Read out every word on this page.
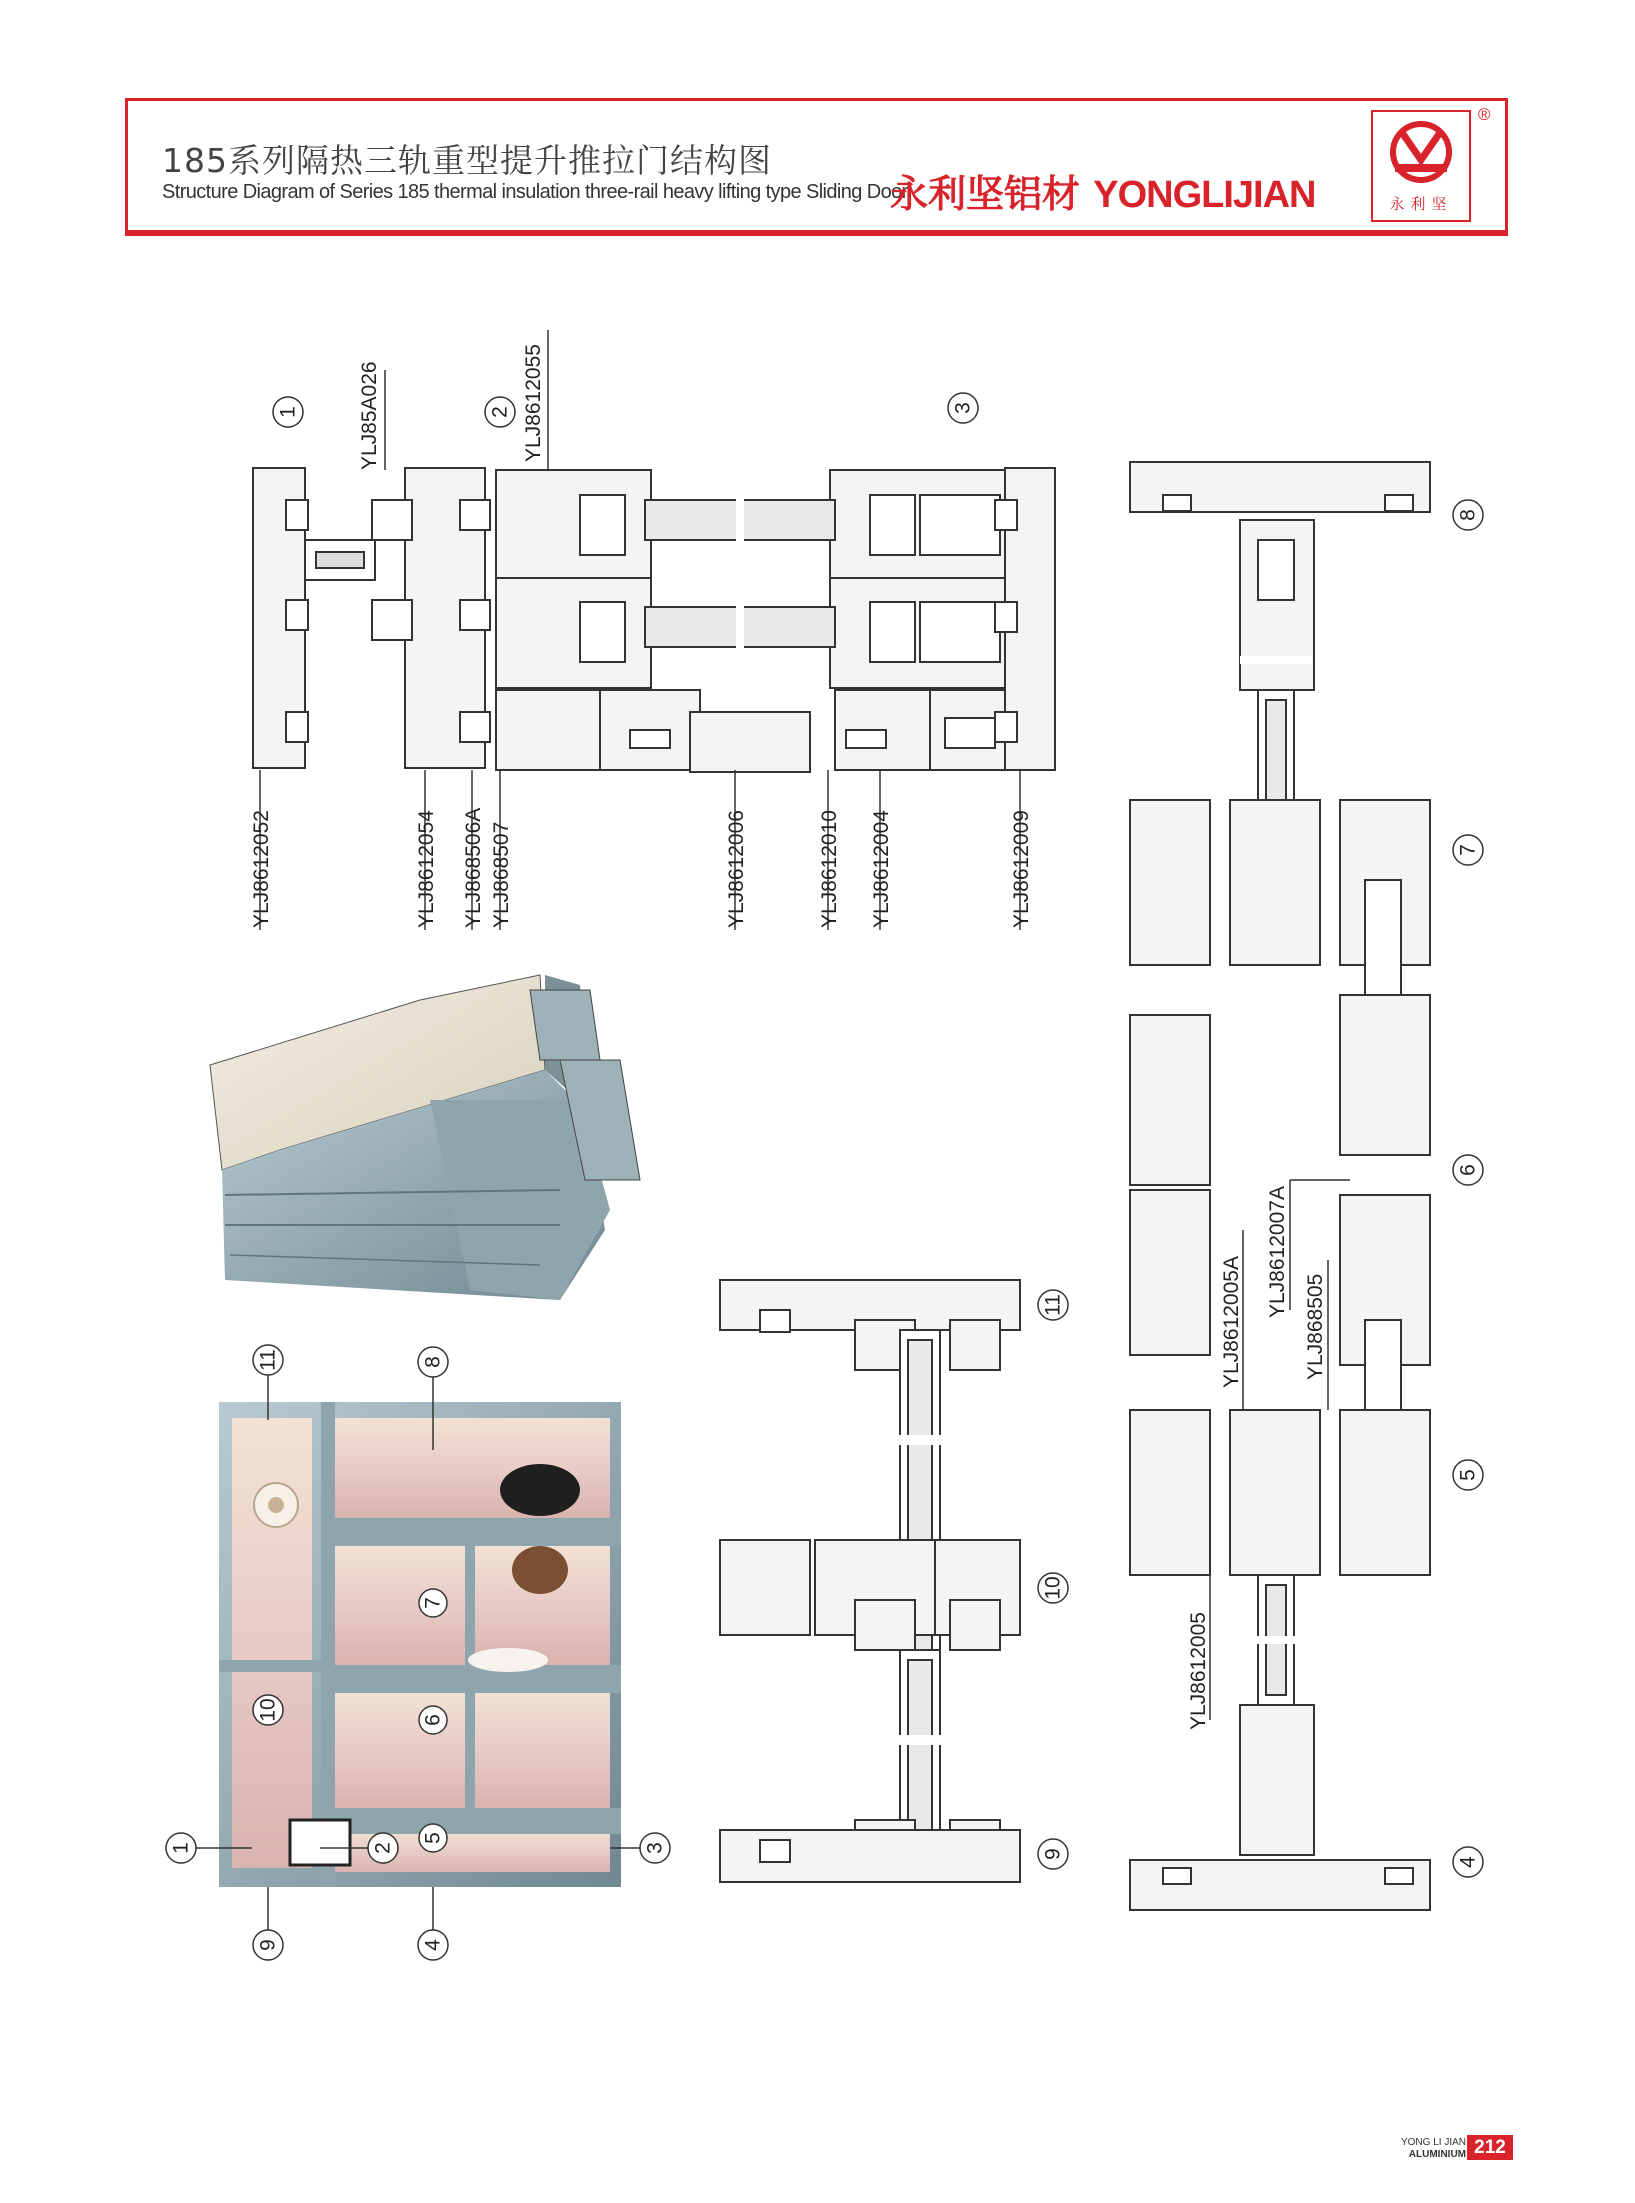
185系列隔热三轨重型提升推拉门结构图
Structure Diagram of Series 185 thermal insulation three-rail heavy lifting type Sliding Door
永利坚铝材 YONGLIJIAN	永利坚
®
YLJ85A026	YLJ8612055
1	2	3
YLJ8612052	YLJ8612054 YLJ868506A YLJ868507	YLJ8612006	YLJ8612010 YLJ8612004	YLJ8612009
11	8
7
10	6
5
1	2	3
9	4
11
10
9
8
7
6
5
4
YLJ8612005
YLJ8612005A
YLJ8612007A
YLJ868505
YONG LI JIAN
ALUMINIUM 212
